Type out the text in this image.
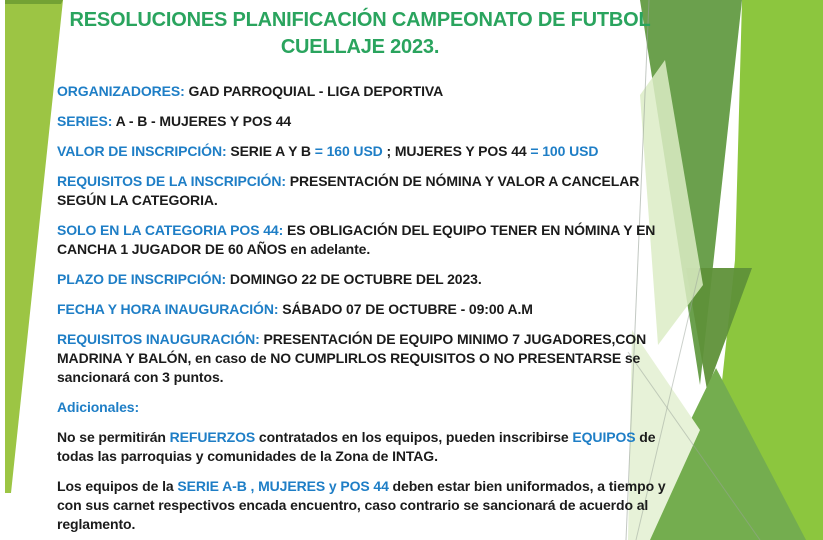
RESOLUCIONES PLANIFICACIÓN CAMPEONATO DE FUTBOL
CUELLAJE 2023.

ORGANIZADORES: GAD PARROQUIAL - LIGA DEPORTIVA

SERIES: A - B - MUJERES Y POS 44

VALOR DE INSCRIPCIÓN: SERIE A Y B = 160 USD ; MUJERES Y POS 44 = 100 USD

REQUISITOS DE LA INSCRIPCIÓN: PRESENTACIÓN DE NÓMINA Y VALOR A CANCELAR SEGÚN LA CATEGORIA.

SOLO EN LA CATEGORIA POS 44: ES OBLIGACIÓN DEL EQUIPO TENER EN NÓMINA Y EN CANCHA 1 JUGADOR DE 60 AÑOS en adelante.

PLAZO DE INSCRIPCIÓN: DOMINGO 22 DE OCTUBRE DEL 2023.

FECHA Y HORA INAUGURACIÓN: SÁBADO 07 DE OCTUBRE - 09:00 A.M

REQUISITOS INAUGURACIÓN: PRESENTACIÓN DE EQUIPO MINIMO 7 JUGADORES,CON MADRINA Y BALÓN, en caso de NO CUMPLIRLOS REQUISITOS O NO PRESENTARSE se sancionará con 3 puntos.

Adicionales:

No se permitirán REFUERZOS contratados en los equipos, pueden inscribirse EQUIPOS de todas las parroquias y comunidades de la Zona de INTAG.

Los equipos de la SERIE A-B , MUJERES y POS 44 deben estar bien uniformados, a tiempo y con sus carnet respectivos encada encuentro, caso contrario se sancionará de acuerdo al reglamento.
